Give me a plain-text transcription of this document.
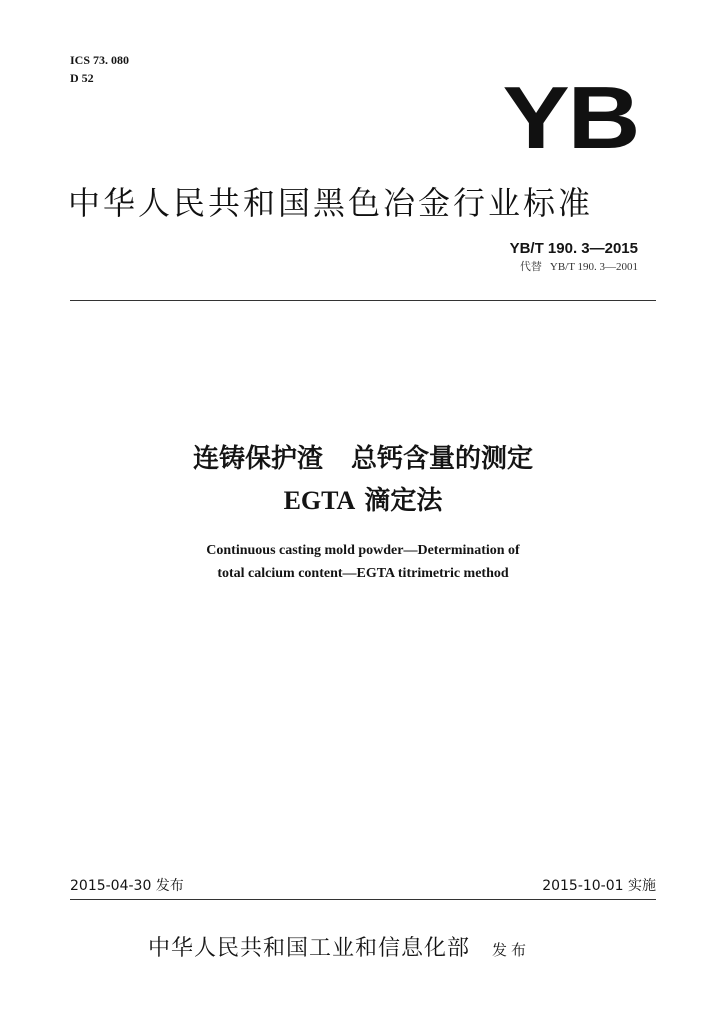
ICS 73. 080
D 52	YB
中华人民共和国黑色冶金行业标准
YB/T 190. 3—2015
代替 YB/T 190. 3—2001
连铸保护渣 总钙含量的测定
EGTA 滴定法
Continuous casting mold powder—Determination of
total calcium content—EGTA titrimetric method
2015-04-30 发布	2015-10-01 实施
中华人民共和国工业和信息化部 发布
